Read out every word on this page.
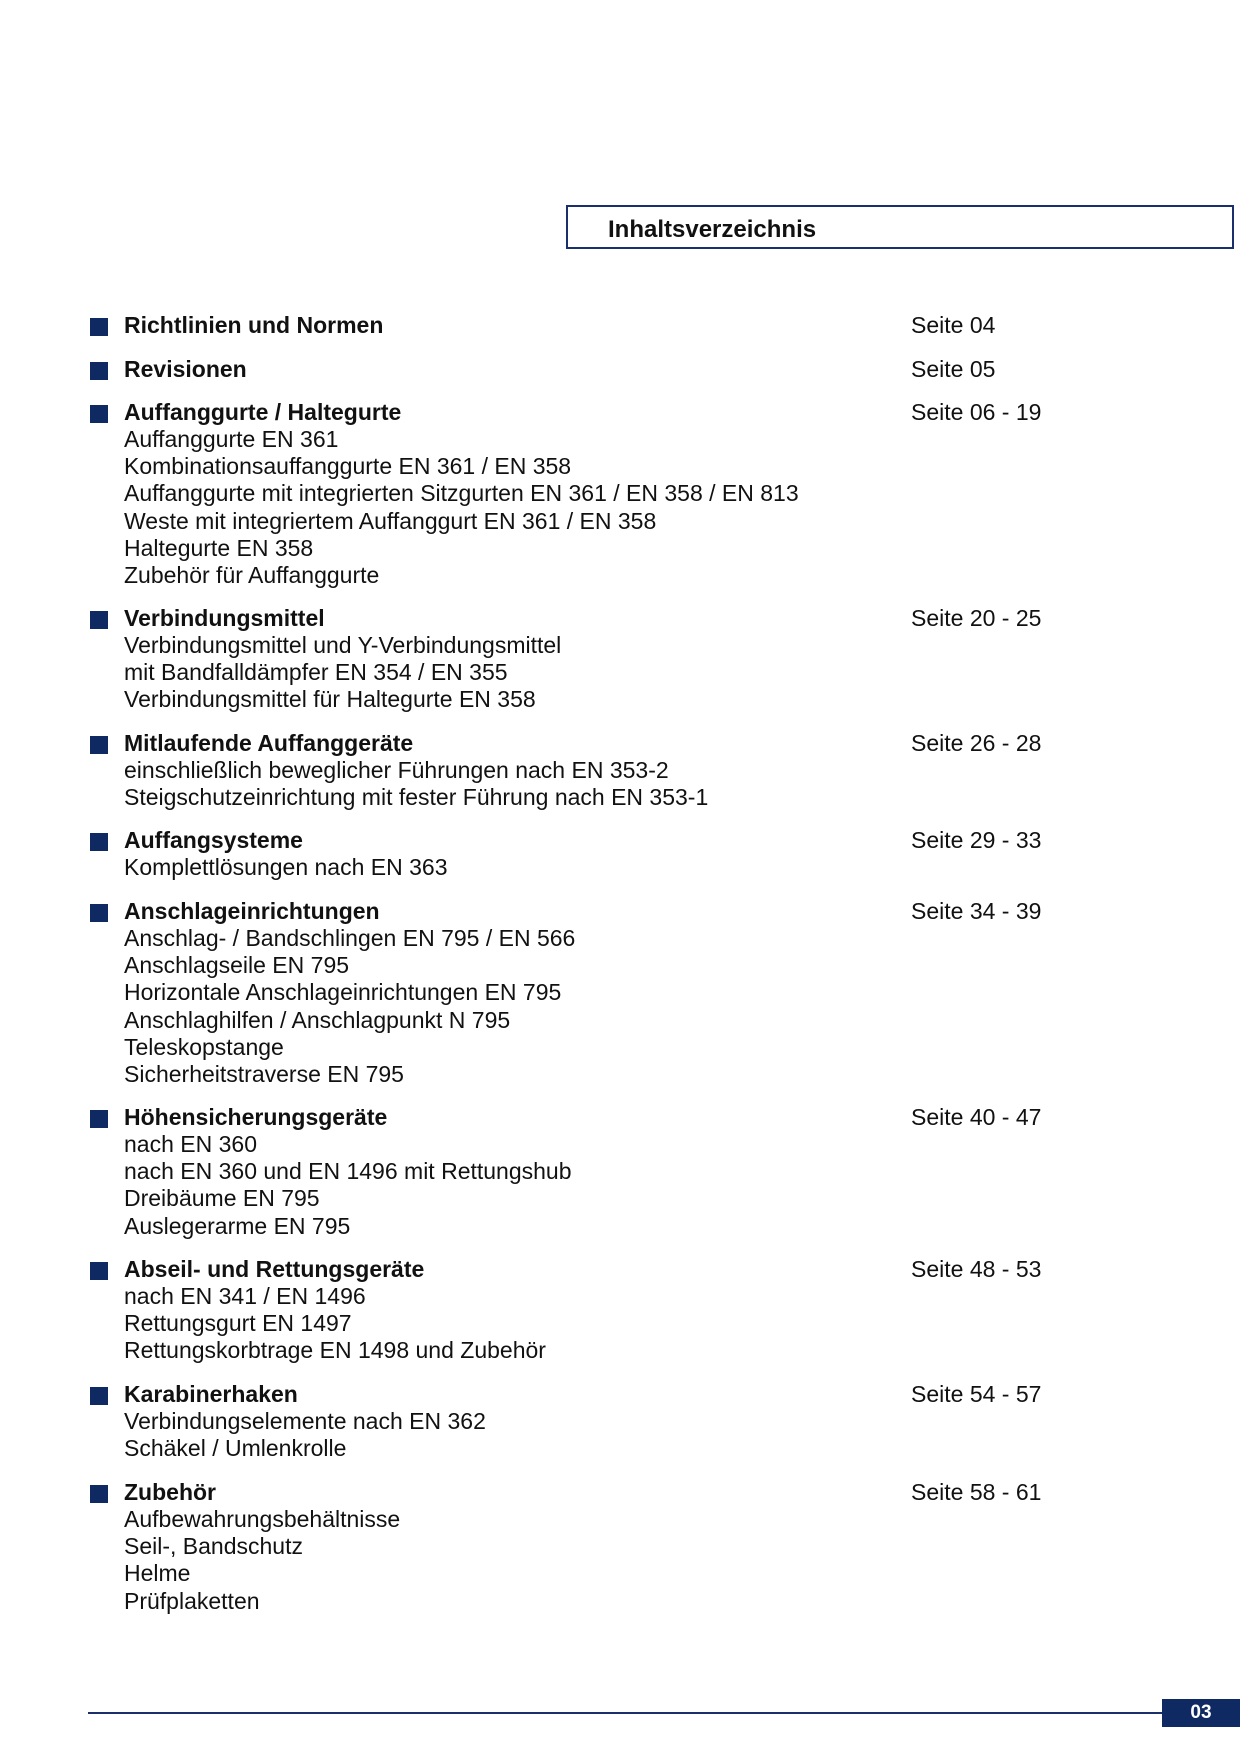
Inhaltsverzeichnis
Richtlinien und Normen	Seite 04
Revisionen	Seite 05
Auffanggurte / Haltegurte	Seite 06 - 19
Auffanggurte EN 361
Kombinationsauffanggurte EN 361 / EN 358
Auffanggurte mit integrierten Sitzgurten EN 361 / EN 358 / EN 813
Weste mit integriertem Auffanggurt EN 361 / EN 358
Haltegurte EN 358
Zubehör für Auffanggurte
Verbindungsmittel	Seite 20 - 25
Verbindungsmittel und Y-Verbindungsmittel
mit Bandfalldämpfer EN 354 / EN 355
Verbindungsmittel für Haltegurte EN 358
Mitlaufende Auffanggeräte	Seite 26 - 28
einschließlich beweglicher Führungen nach EN 353-2
Steigschutzeinrichtung mit fester Führung nach EN 353-1
Auffangsysteme	Seite 29 - 33
Komplettlösungen nach EN 363
Anschlageinrichtungen	Seite 34 - 39
Anschlag- / Bandschlingen EN 795 / EN 566
Anschlagseile EN 795
Horizontale Anschlageinrichtungen EN 795
Anschlaghilfen / Anschlagpunkt N 795
Teleskopstange
Sicherheitstraverse EN 795
Höhensicherungsgeräte	Seite 40 - 47
nach EN 360
nach EN 360 und EN 1496 mit Rettungshub
Dreibäume EN 795
Auslegerarme EN 795
Abseil- und Rettungsgeräte	Seite 48 - 53
nach EN 341 / EN 1496
Rettungsgurt EN 1497
Rettungskorbtrage EN 1498 und Zubehör
Karabinerhaken	Seite 54 - 57
Verbindungselemente nach EN 362
Schäkel / Umlenkrolle
Zubehör	Seite 58 - 61
Aufbewahrungsbehältnisse
Seil-, Bandschutz
Helme
Prüfplaketten
03
